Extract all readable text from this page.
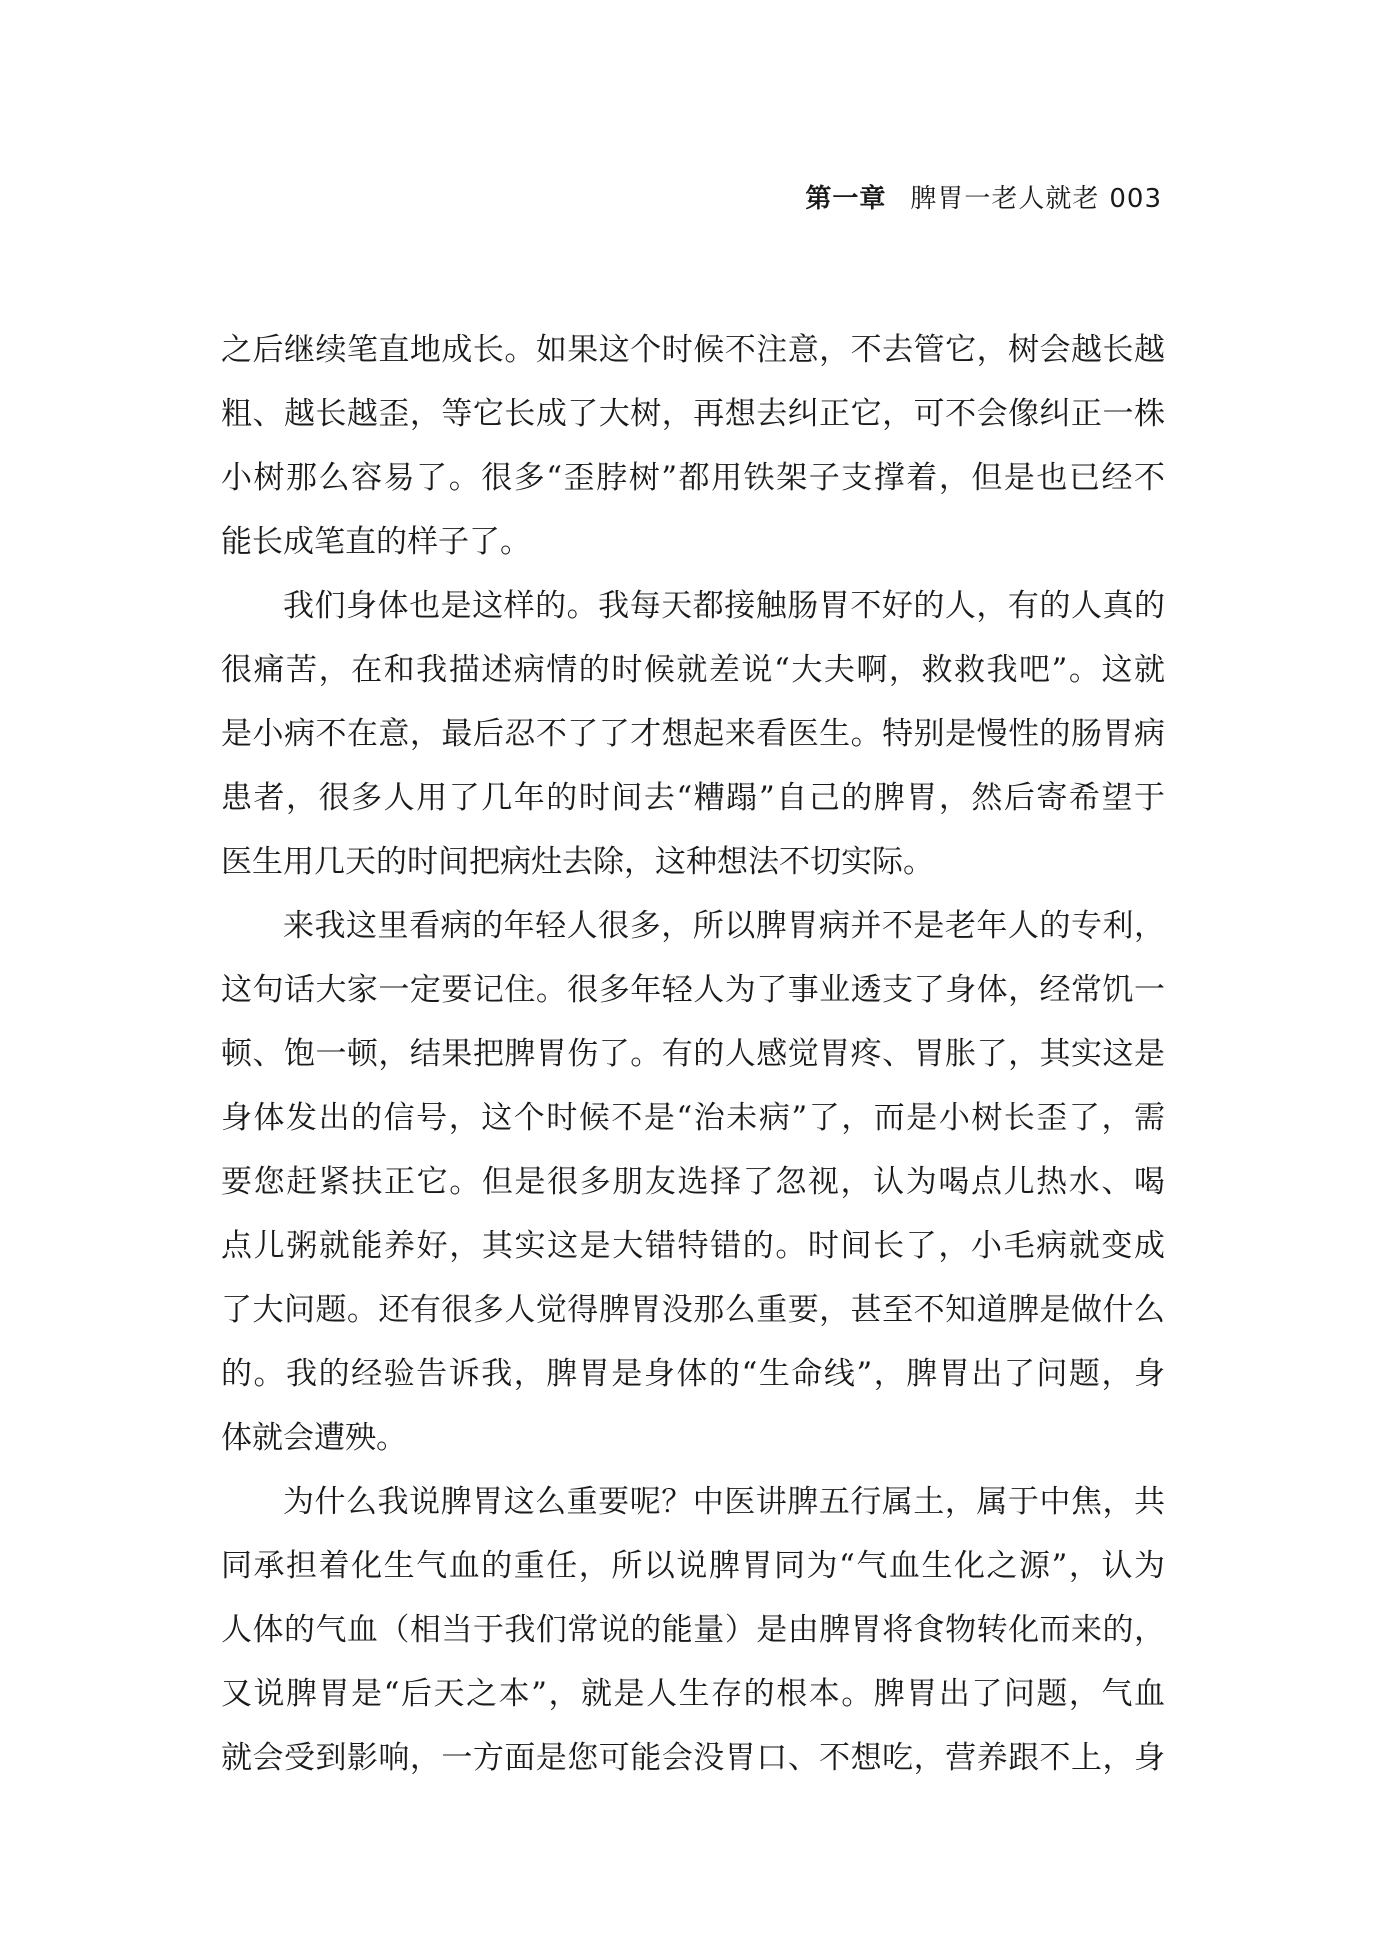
第一章 脾胃一老人就老 003
之后继续笔直地成长。如果这个时候不注意，不去管它，树会越长越
粗、越长越歪，等它长成了大树，再想去纠正它，可不会像纠正一株
小树那么容易了。很多“歪脖树”都用铁架子支撑着，但是也已经不
能长成笔直的样子了。
我们身体也是这样的。我每天都接触肠胃不好的人，有的人真的
很痛苦，在和我描述病情的时候就差说“大夫啊，救救我吧”。这就
是小病不在意，最后忍不了了才想起来看医生。特别是慢性的肠胃病
患者，很多人用了几年的时间去“糟蹋”自己的脾胃，然后寄希望于
医生用几天的时间把病灶去除，这种想法不切实际。
来我这里看病的年轻人很多，所以脾胃病并不是老年人的专利，
这句话大家一定要记住。很多年轻人为了事业透支了身体，经常饥一
顿、饱一顿，结果把脾胃伤了。有的人感觉胃疼、胃胀了，其实这是
身体发出的信号，这个时候不是“治未病”了，而是小树长歪了，需
要您赶紧扶正它。但是很多朋友选择了忽视，认为喝点儿热水、喝
点儿粥就能养好，其实这是大错特错的。时间长了，小毛病就变成
了大问题。还有很多人觉得脾胃没那么重要，甚至不知道脾是做什么
的。我的经验告诉我，脾胃是身体的“生命线”，脾胃出了问题，身
体就会遭殃。
为什么我说脾胃这么重要呢？中医讲脾五行属土，属于中焦，共
同承担着化生气血的重任，所以说脾胃同为“气血生化之源”，认为
人体的气血（相当于我们常说的能量）是由脾胃将食物转化而来的，
又说脾胃是“后天之本”，就是人生存的根本。脾胃出了问题，气血
就会受到影响，一方面是您可能会没胃口、不想吃，营养跟不上，身
